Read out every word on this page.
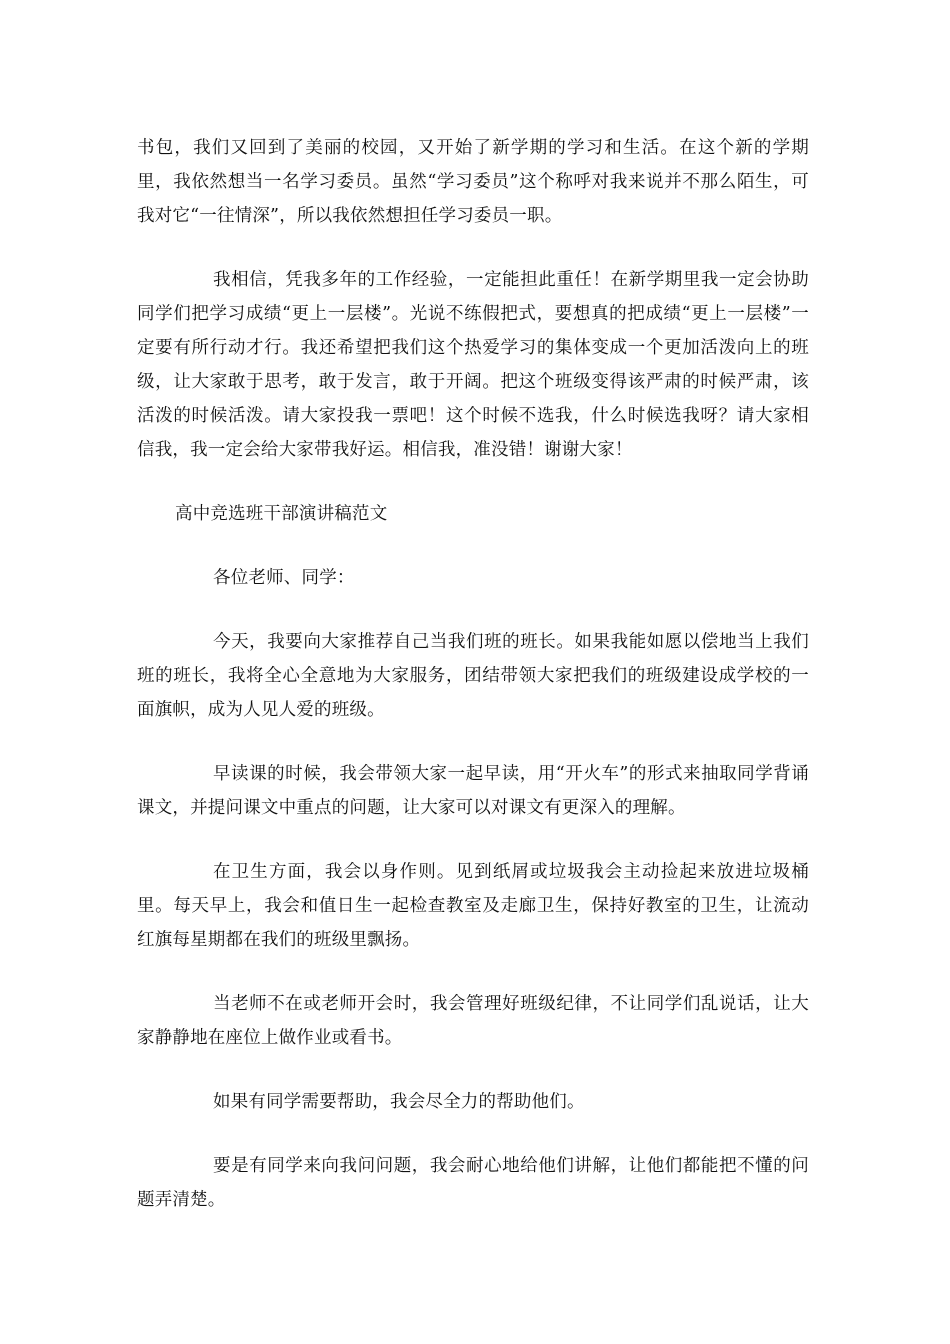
书包，我们又回到了美丽的校园，又开始了新学期的学习和生活。在这个新的学期里，我依然想当一名学习委员。虽然“学习委员”这个称呼对我来说并不那么陌生，可我对它“一往情深”，所以我依然想担任学习委员一职。

我相信，凭我多年的工作经验，一定能担此重任！在新学期里我一定会协助同学们把学习成绩“更上一层楼”。光说不练假把式，要想真的把成绩“更上一层楼”一定要有所行动才行。我还希望把我们这个热爱学习的集体变成一个更加活泼向上的班级，让大家敢于思考，敢于发言，敢于开阔。把这个班级变得该严肃的时候严肃，该活泼的时候活泼。请大家投我一票吧！这个时候不选我，什么时候选我呀？请大家相信我，我一定会给大家带我好运。相信我，准没错！谢谢大家！

高中竞选班干部演讲稿范文

各位老师、同学：

今天，我要向大家推荐自己当我们班的班长。如果我能如愿以偿地当上我们班的班长，我将全心全意地为大家服务，团结带领大家把我们的班级建设成学校的一面旗帜，成为人见人爱的班级。

早读课的时候，我会带领大家一起早读，用“开火车”的形式来抽取同学背诵课文，并提问课文中重点的问题，让大家可以对课文有更深入的理解。

在卫生方面，我会以身作则。见到纸屑或垃圾我会主动捡起来放进垃圾桶里。每天早上，我会和值日生一起检查教室及走廊卫生，保持好教室的卫生，让流动红旗每星期都在我们的班级里飘扬。

当老师不在或老师开会时，我会管理好班级纪律，不让同学们乱说话，让大家静静地在座位上做作业或看书。

如果有同学需要帮助，我会尽全力的帮助他们。

要是有同学来向我问问题，我会耐心地给他们讲解，让他们都能把不懂的问题弄清楚。
